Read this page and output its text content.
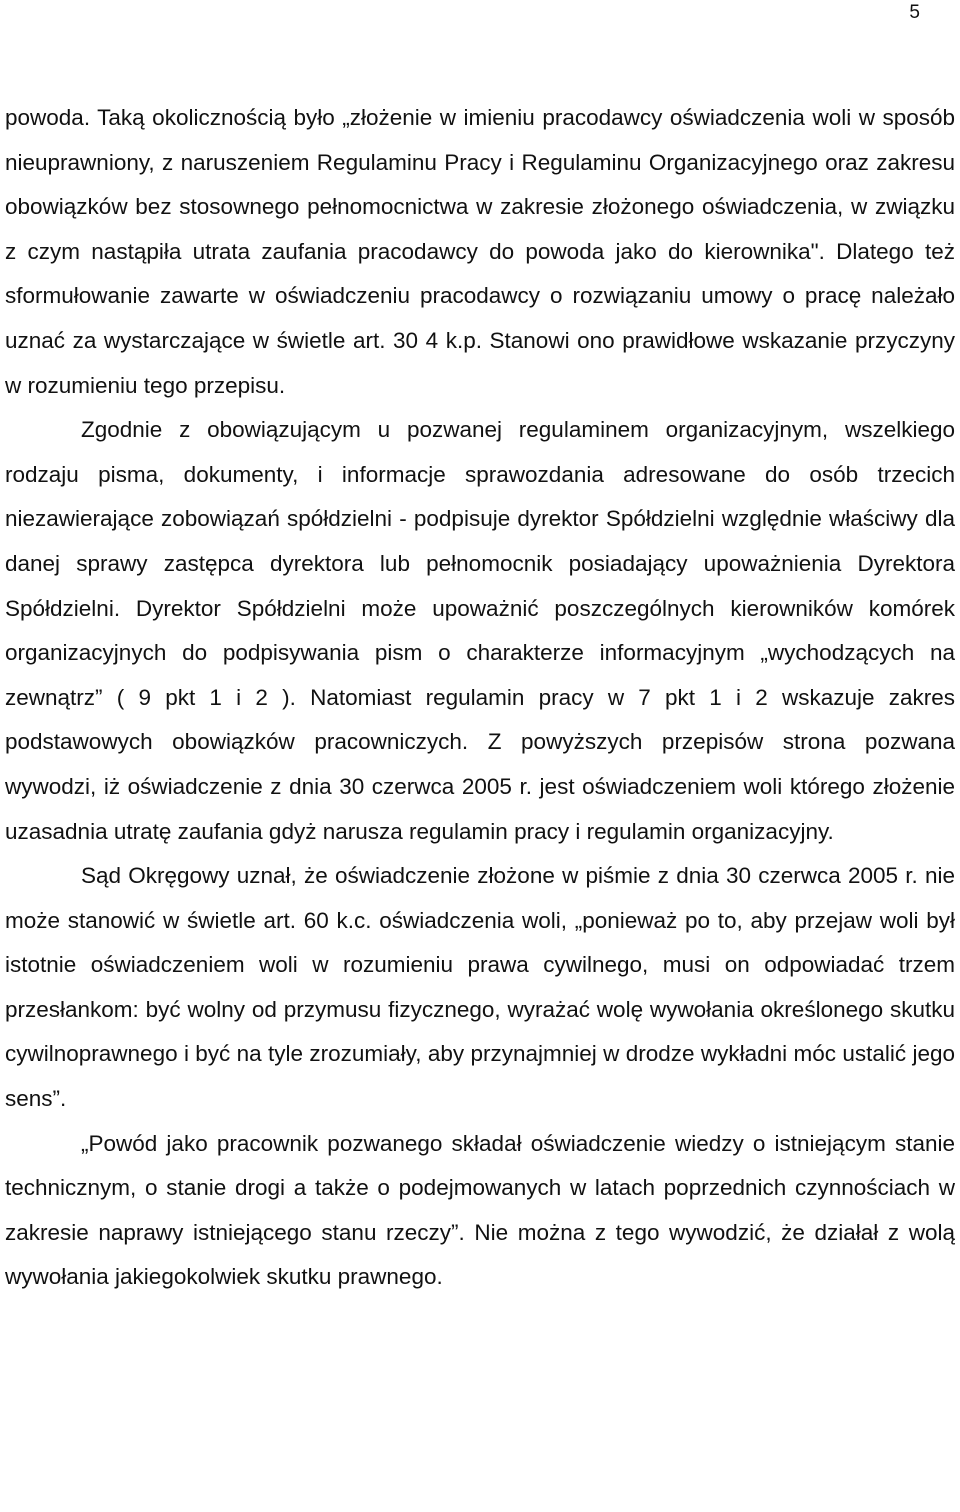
5

powoda. Taką okolicznością było „złożenie w imieniu pracodawcy oświadczenia woli w sposób nieuprawniony, z naruszeniem Regulaminu Pracy i Regulaminu Organizacyjnego oraz zakresu obowiązków bez stosownego pełnomocnictwa w zakresie złożonego oświadczenia, w związku z czym nastąpiła utrata zaufania pracodawcy do powoda jako do kierownika". Dlatego też sformułowanie zawarte w oświadczeniu pracodawcy o rozwiązaniu umowy o pracę należało uznać za wystarczające w świetle art. 30 4 k.p. Stanowi ono prawidłowe wskazanie przyczyny w rozumieniu tego przepisu.

Zgodnie z obowiązującym u pozwanej regulaminem organizacyjnym, wszelkiego rodzaju pisma, dokumenty, i informacje sprawozdania adresowane do osób trzecich niezawierające zobowiązań spółdzielni - podpisuje dyrektor Spółdzielni względnie właściwy dla danej sprawy zastępca dyrektora lub pełnomocnik posiadający upoważnienia Dyrektora Spółdzielni. Dyrektor Spółdzielni może upoważnić poszczególnych kierowników komórek organizacyjnych do podpisywania pism o charakterze informacyjnym „wychodzących na zewnątrz” ( 9 pkt 1 i 2 ). Natomiast regulamin pracy w 7 pkt 1 i 2 wskazuje zakres podstawowych obowiązków pracowniczych. Z powyższych przepisów strona pozwana wywodzi, iż oświadczenie z dnia 30 czerwca 2005 r. jest oświadczeniem woli którego złożenie uzasadnia utratę zaufania gdyż narusza regulamin pracy i regulamin organizacyjny.

Sąd Okręgowy uznał, że oświadczenie złożone w piśmie z dnia 30 czerwca 2005 r. nie może stanowić w świetle art. 60 k.c. oświadczenia woli, „ponieważ po to, aby przejaw woli był istotnie oświadczeniem woli w rozumieniu prawa cywilnego, musi on odpowiadać trzem przesłankom: być wolny od przymusu fizycznego, wyrażać wolę wywołania określonego skutku cywilnoprawnego i być na tyle zrozumiały, aby przynajmniej w drodze wykładni móc ustalić jego sens”.

„Powód jako pracownik pozwanego składał oświadczenie wiedzy o istniejącym stanie technicznym, o stanie drogi a także o podejmowanych w latach poprzednich czynnościach w zakresie naprawy istniejącego stanu rzeczy”. Nie można z tego wywodzić, że działał z wolą wywołania jakiegokolwiek skutku prawnego.
